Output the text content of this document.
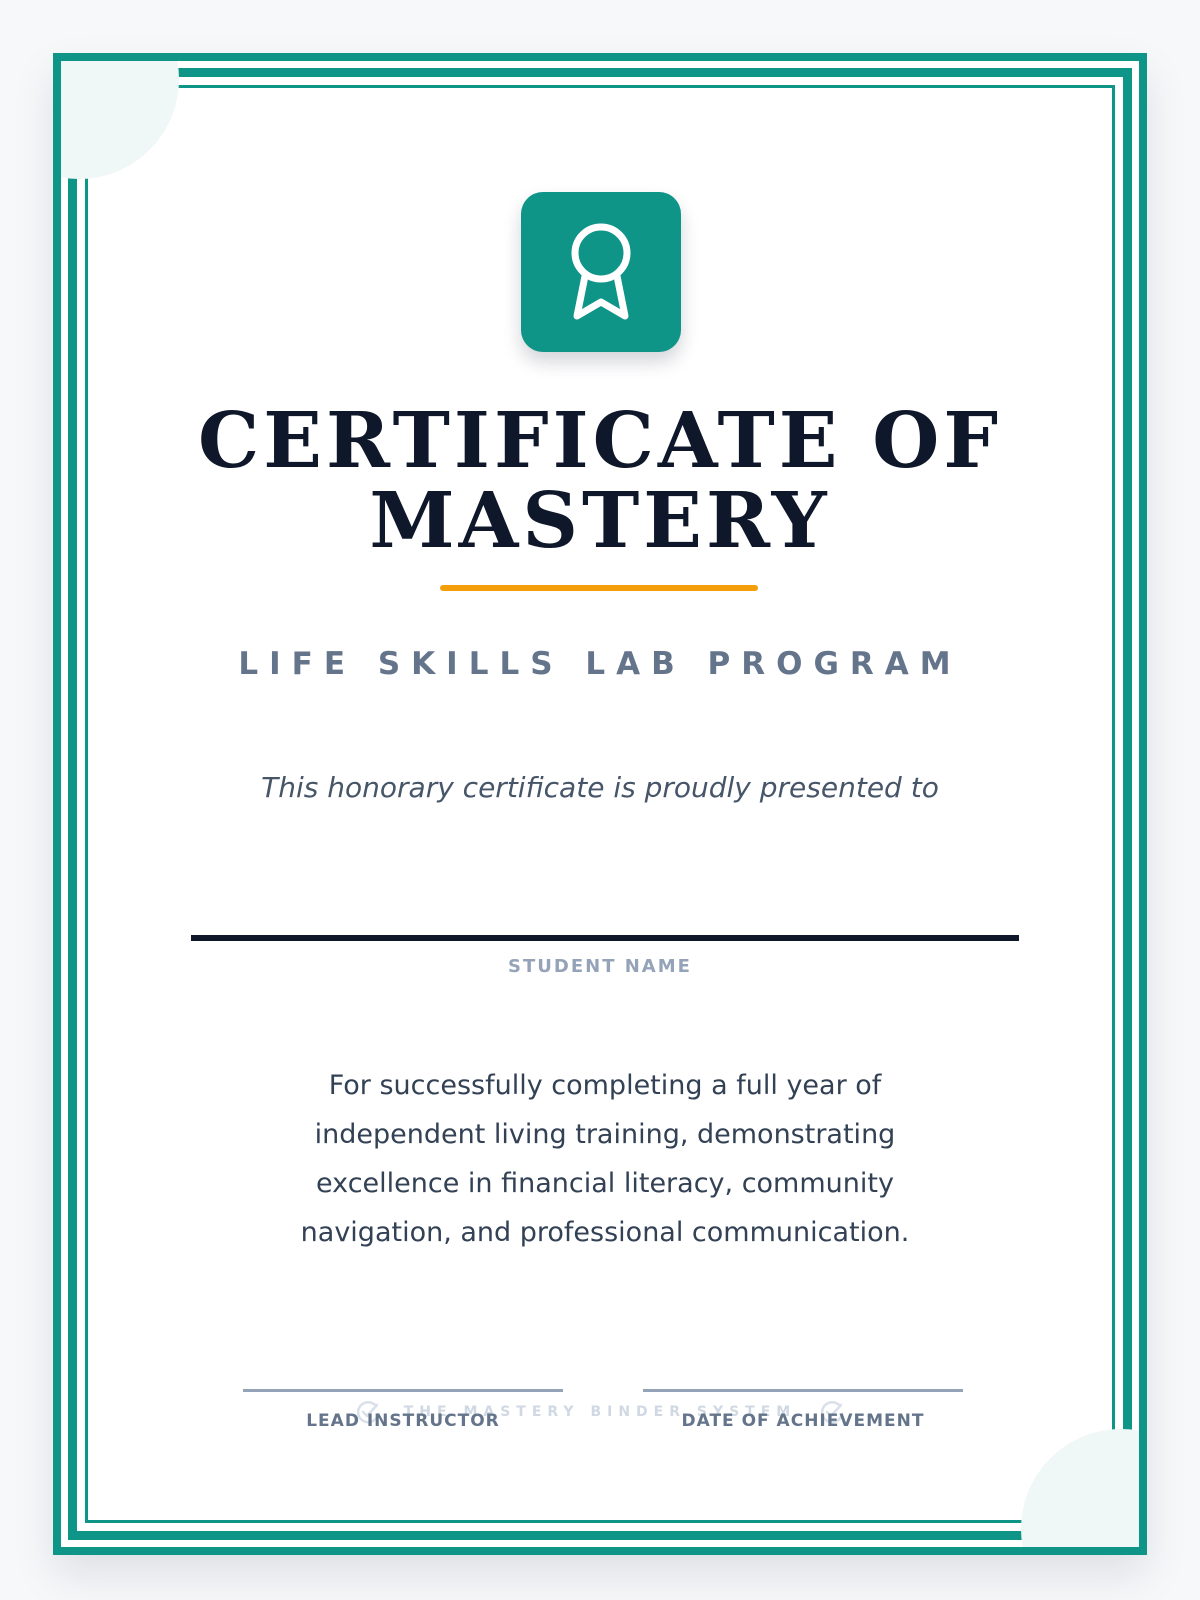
CERTIFICATE OF
MASTERY
LIFE SKILLS LAB PROGRAM
This honorary certificate is proudly presented to
STUDENT NAME
For successfully completing a full year of independent living training, demonstrating excellence in financial literacy, community navigation, and professional communication.
THE MASTERY BINDER SYSTEM
LEAD INSTRUCTOR	DATE OF ACHIEVEMENT
